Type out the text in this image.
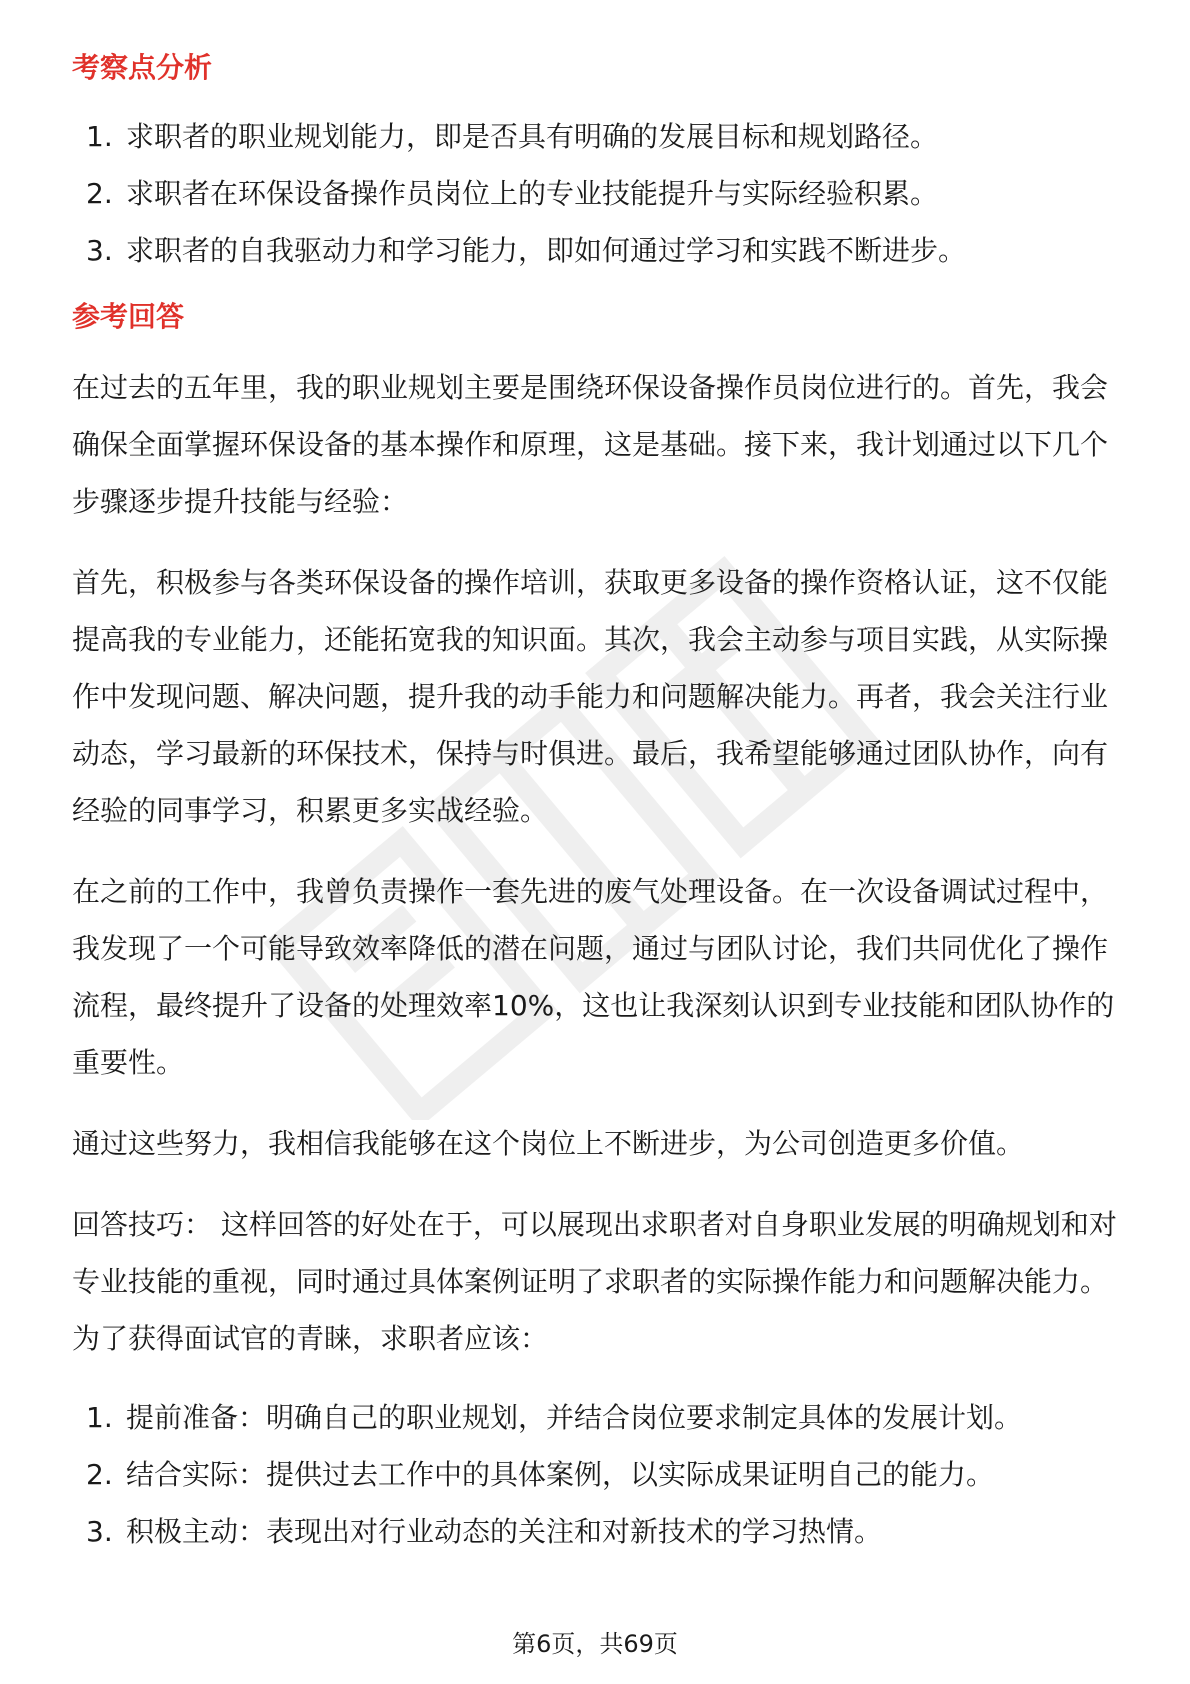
考察点分析
1. 求职者的职业规划能力，即是否具有明确的发展目标和规划路径。
2. 求职者在环保设备操作员岗位上的专业技能提升与实际经验积累。
3. 求职者的自我驱动力和学习能力，即如何通过学习和实践不断进步。
参考回答

在过去的五年里，我的职业规划主要是围绕环保设备操作员岗位进行的。首先，我会确保全面掌握环保设备的基本操作和原理，这是基础。接下来，我计划通过以下几个步骤逐步提升技能与经验：

首先，积极参与各类环保设备的操作培训，获取更多设备的操作资格认证，这不仅能提高我的专业能力，还能拓宽我的知识面。其次，我会主动参与项目实践，从实际操作中发现问题、解决问题，提升我的动手能力和问题解决能力。再者，我会关注行业动态，学习最新的环保技术，保持与时俱进。最后，我希望能够通过团队协作，向有经验的同事学习，积累更多实战经验。

在之前的工作中，我曾负责操作一套先进的废气处理设备。在一次设备调试过程中，我发现了一个可能导致效率降低的潜在问题，通过与团队讨论，我们共同优化了操作流程，最终提升了设备的处理效率10%，这也让我深刻认识到专业技能和团队协作的重要性。

通过这些努力，我相信我能够在这个岗位上不断进步，为公司创造更多价值。

回答技巧： 这样回答的好处在于，可以展现出求职者对自身职业发展的明确规划和对专业技能的重视，同时通过具体案例证明了求职者的实际操作能力和问题解决能力。为了获得面试官的青睐，求职者应该：

1. 提前准备：明确自己的职业规划，并结合岗位要求制定具体的发展计划。
2. 结合实际：提供过去工作中的具体案例，以实际成果证明自己的能力。
3. 积极主动：表现出对行业动态的关注和对新技术的学习热情。
第6页，共69页
